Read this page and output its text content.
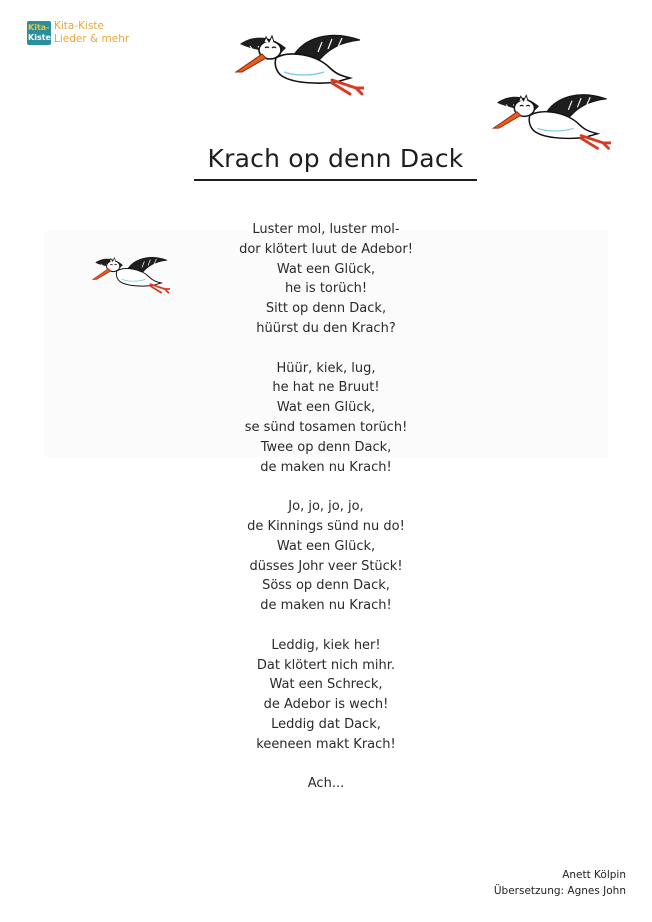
Kita-
Kiste
Kita-Kiste
Lieder & mehr
Krach op denn Dack
Luster mol, luster mol-
dor klötert luut de Adebor!
Wat een Glück,
he is torüch!
Sitt op denn Dack,
hüürst du den Krach?
Hüür, kiek, lug,
he hat ne Bruut!
Wat een Glück,
se sünd tosamen torüch!
Twee op denn Dack,
de maken nu Krach!
Jo, jo, jo, jo,
de Kinnings sünd nu do!
Wat een Glück,
düsses Johr veer Stück!
Söss op denn Dack,
de maken nu Krach!
Leddig, kiek her!
Dat klötert nich mihr.
Wat een Schreck,
de Adebor is wech!
Leddig dat Dack,
keeneen makt Krach!
Ach...
Anett Kölpin
Übersetzung: Agnes John
